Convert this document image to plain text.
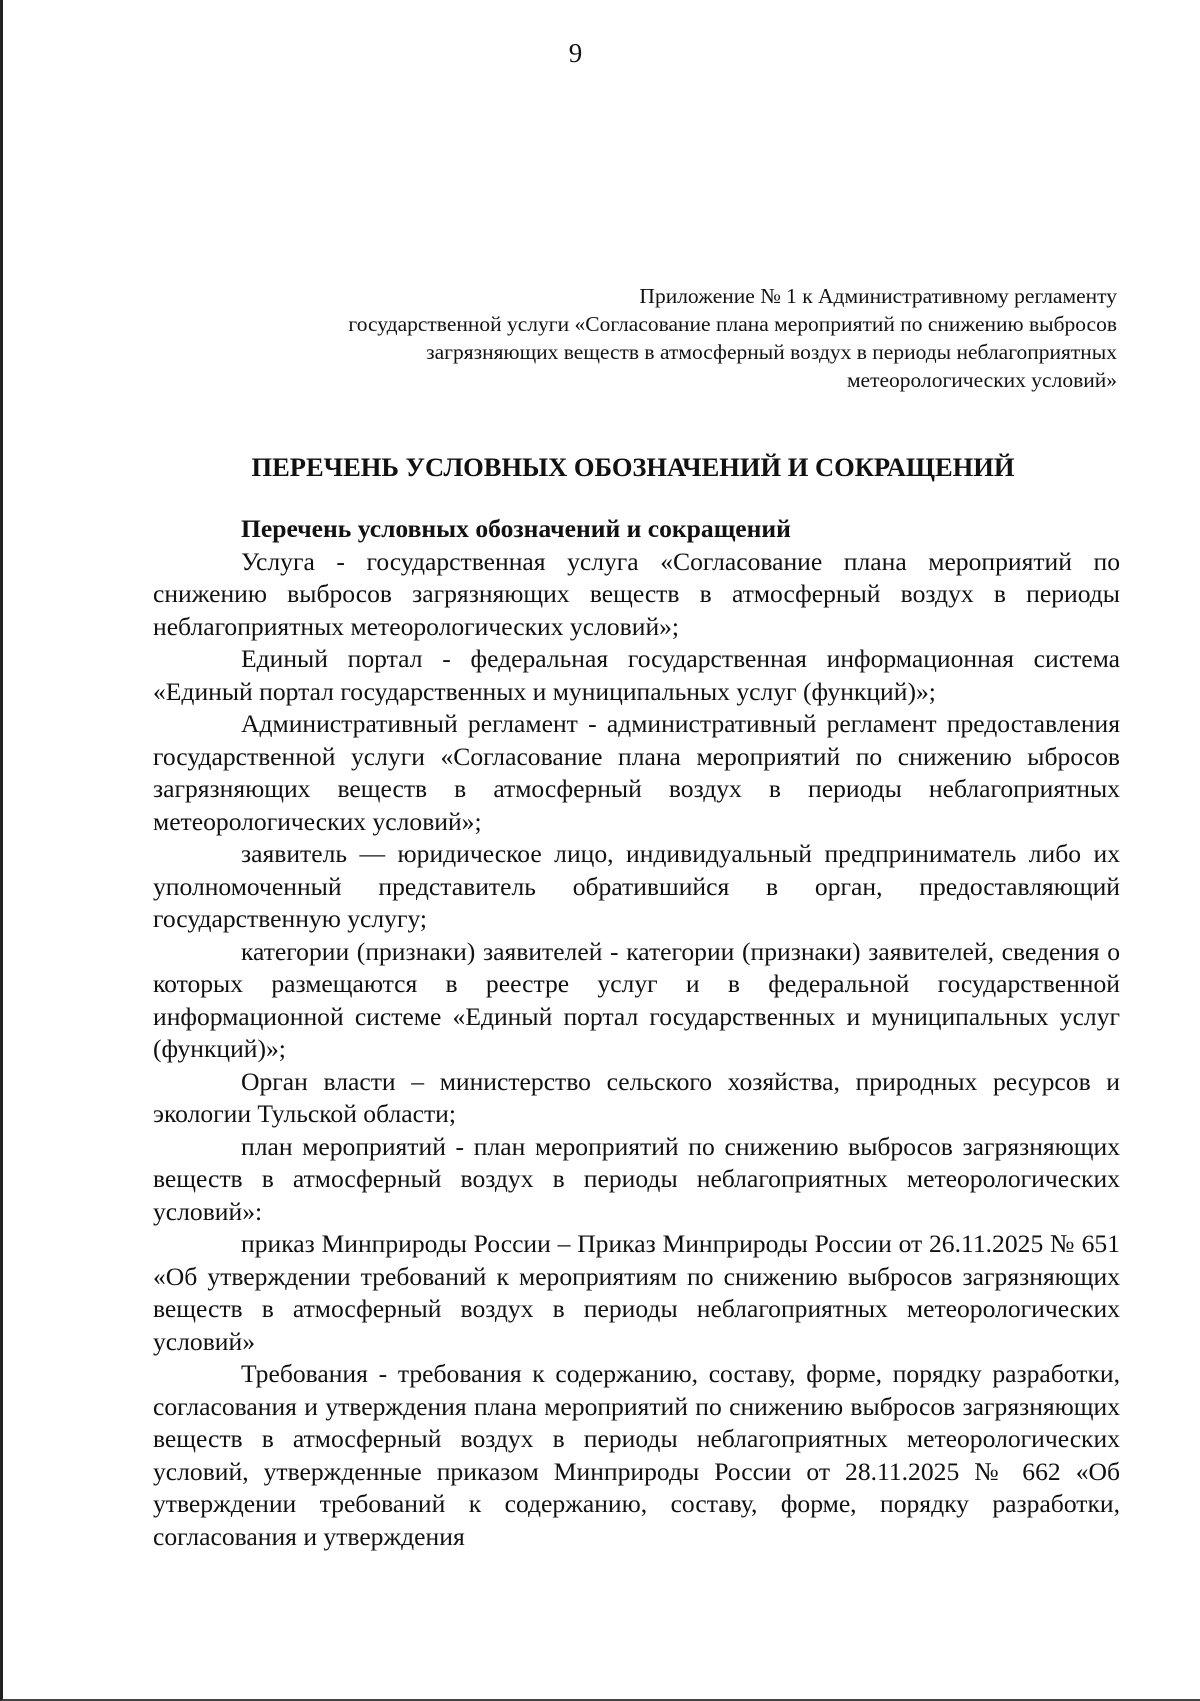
9
Приложение № 1 к Административному регламенту
государственной услуги «Согласование плана мероприятий по снижению выбросов
загрязняющих веществ в атмосферный воздух в периоды неблагоприятных
метеорологических условий»
ПЕРЕЧЕНЬ УСЛОВНЫХ ОБОЗНАЧЕНИЙ И СОКРАЩЕНИЙ

Перечень условных обозначений и сокращений

Услуга - государственная услуга «Согласование плана мероприятий по снижению выбросов загрязняющих веществ в атмосферный воздух в периоды неблагоприятных метеорологических условий»;

Единый портал - федеральная государственная информационная система «Единый портал государственных и муниципальных услуг (функций)»;

Административный регламент - административный регламент предоставления государственной услуги «Согласование плана мероприятий по снижению ыбросов загрязняющих веществ в атмосферный воздух в периоды неблагоприятных метеорологических условий»;

заявитель — юридическое лицо, индивидуальный предприниматель либо их уполномоченный представитель обратившийся в орган, предоставляющий государственную услугу;

категории (признаки) заявителей - категории (признаки) заявителей, сведения о которых размещаются в реестре услуг и в федеральной государственной информационной системе «Единый портал государственных и муниципальных услуг (функций)»;

Орган власти – министерство сельского хозяйства, природных ресурсов и экологии Тульской области;

план мероприятий - план мероприятий по снижению выбросов загрязняющих веществ в атмосферный воздух в периоды неблагоприятных метеорологических условий»:

приказ Минприроды России – Приказ Минприроды России от 26.11.2025 № 651 «Об утверждении требований к мероприятиям по снижению выбросов загрязняющих веществ в атмосферный воздух в периоды неблагоприятных метеорологических условий»

Требования - требования к содержанию, составу, форме, порядку разработки, согласования и утверждения плана мероприятий по снижению выбросов загрязняющих веществ в атмосферный воздух в периоды неблагоприятных метеорологических условий, утвержденные приказом Минприроды России от 28.11.2025 № 662 «Об утверждении требований к содержанию, составу, форме, порядку разработки, согласования и утверждения
